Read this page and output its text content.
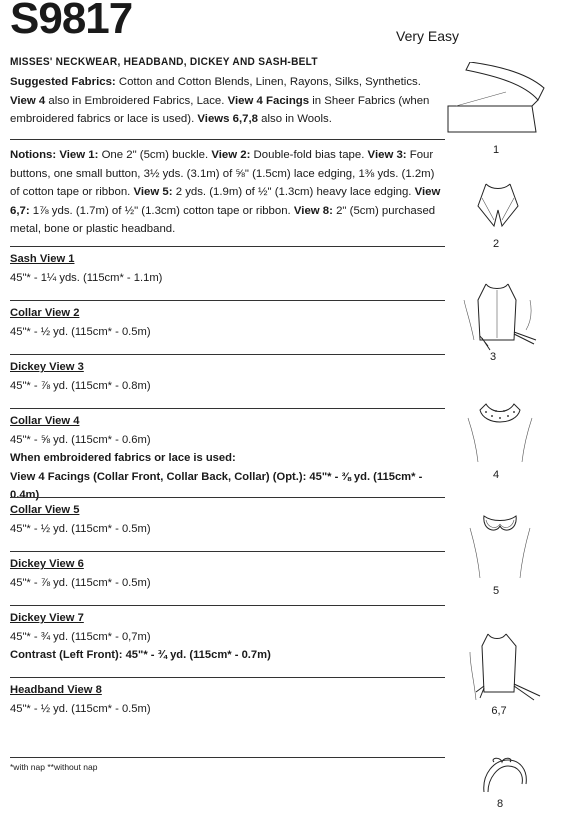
S9817	Very Easy
MISSES' NECKWEAR, HEADBAND, DICKEY AND SASH-BELT
Suggested Fabrics: Cotton and Cotton Blends, Linen, Rayons, Silks, Synthetics. View 4 also in Embroidered Fabrics, Lace. View 4 Facings in Sheer Fabrics (when embroidered fabrics or lace is used). Views 6,7,8 also in Wools.
Notions: View 1: One 2" (5cm) buckle. View 2: Double-fold bias tape. View 3: Four buttons, one small button, 3½ yds. (3.1m) of ⅝" (1.5cm) lace edging, 1⅜ yds. (1.2m) of cotton tape or ribbon. View 5: 2 yds. (1.9m) of ½" (1.3cm) heavy lace edging. View 6,7: 1⅞ yds. (1.7m) of ½" (1.3cm) cotton tape or ribbon. View 8: 2" (5cm) purchased metal, bone or plastic headband.
Sash View 1
45"* - 1¼ yds. (115cm* - 1.1m)
Collar View 2
45"* - ½ yd. (115cm* - 0.5m)
Dickey View 3
45"* - ⅞ yd. (115cm* - 0.8m)
Collar View 4
45"* - ⅝ yd. (115cm* - 0.6m)
When embroidered fabrics or lace is used:
View 4 Facings (Collar Front, Collar Back, Collar) (Opt.): 45"* - ⅜ yd. (115cm* - 0.4m)
Collar View 5
45"* - ½ yd. (115cm* - 0.5m)
Dickey View 6
45"* - ⅞ yd. (115cm* - 0.5m)
Dickey View 7
45"* - ¾ yd. (115cm* - 0,7m)
Contrast (Left Front): 45"* - ¾ yd. (115cm* - 0.7m)
Headband View 8
45"* - ½ yd. (115cm* - 0.5m)
*with nap **without nap
1
2
3
4
5
6,7
8
